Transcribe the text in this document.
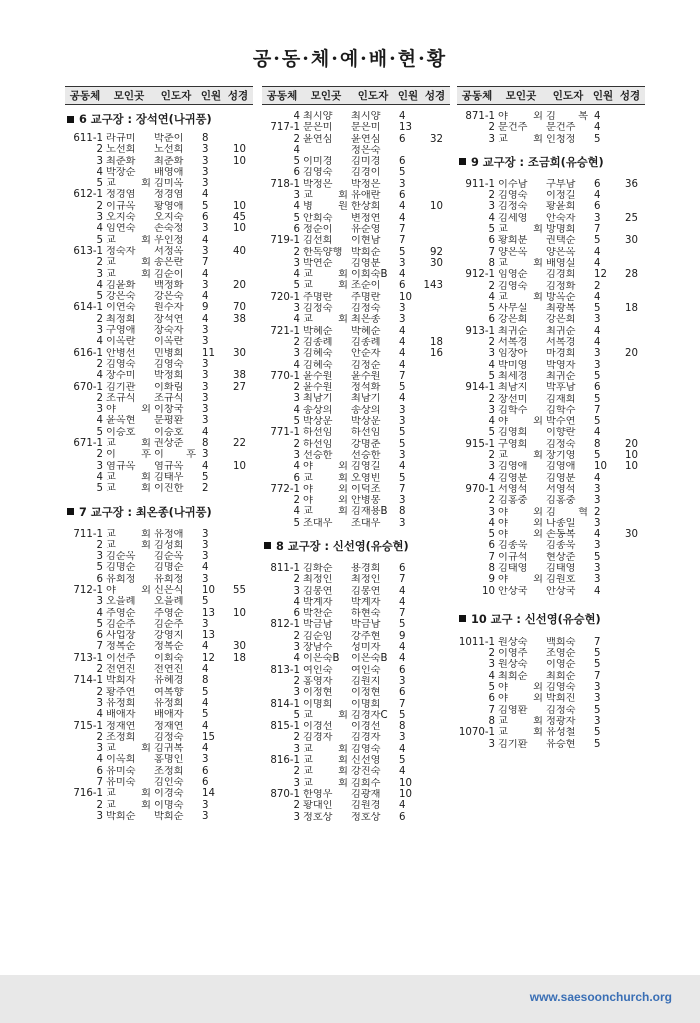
공·동·체·예·배·현·황
공동체	모인곳	인도자 인원 성경
6 교구장 : 장석연(나귀풍)
611-1 라규미	박춘이	8
2 노선희	노선희	3	10
3 최춘화	최춘화	3	10
4 박장순	배영애	3
5 교　회 김미옥	3
612-1 정경염	정경염	4
2 이규옥	황영애	5	10
3 오지숙	오지숙	6	45
4 임연숙	손숙정	3	10
5 교　회 우인정	4
613-1 정숙자	서정옥	3	40
2 교　회 송은란	7
3 교　회 김순이	4
4 김윤화	백정화	3	20
5 강은숙	강은숙	4
614-1 이연숙	원수자	9	70
2 최정희	장석연	4	38
3 구영애	장숙자	3
4 이옥란	이옥란	3
616-1 안병선	민병희	11	30
2 김영숙	김영숙	3
4 장수미	박정희	3	38
670-1 김기관	이화림	3	27
2 조규식	조규식	3
3 야　외 이창국	3
4 윤옥현	문평환	3
5 이승호	이승호	4
671-1 교　회 권상준	8	22
2 이　후 이　후 3
3 염규옥	염규옥	4	10
4 교　회 김태우	5
5 교　회 이진한	2
7 교구장 : 최온종(나귀풍)
711-1 교　회 유정애	3
2 교　회 김성희	3
3 김순옥	김순옥	3
5 김명순	김명순	4
6 유희정	유희정	3
712-1 야　외 신은식	10	55
3 오을례	오을례	5
4 주영순	주영순	13	10
5 김순주	김순주	3
6 사업장	강영지	13
7 정복순	정복순	4	30
713-1 이선주	이회숙	12	18
2 전연진	전연진	4
714-1 박희자	유혜경	8
2 황주연	여복향	5
3 유정희	유정희	4
4 배애자	배애자	5
715-1 정재연	정재연	4
2 조정희	김정숙	15
3 교　회 김귀복	4
4 이옥희	홍명인	3
6 유미숙	조정희	6
7 유미숙	김인숙	6
716-1 교　회 이경숙	14
2 교　회 이명숙	3
3 박희순	박희순	3
공동체	모인곳	인도자 인원 성경
4 최시양	최시양	4
717-1 문은미	문은미	13
2 윤연심	윤연심	6	32
4	정은숙
5 이미경	김미경	6
6 김영숙	김경이	5
718-1 박정은	박정은	3
3 교　회 유애란	6
4 병　원 한상희	4	10
5 안희숙	변정연	4
6 정순이	유순영	7
719-1 김선희	이현남	7
2 한독양행 박희순	5	92
3 박연순	김영분	3	30
4 교　회 이희숙B	4
5 교　회 조순이	6	143
720-1 주명란	주명란	10
3 김정숙	김정숙	3
4 교　회 최은종	3
721-1 박혜순	박혜순	4
2 김종례	김종례	4	18
3 김혜숙	안순자	4	16
4 김혜숙	김정순	4
770-1 윤수원	윤수원	7
2 윤수원	정석화	5
3 최남기	최남기	4
4 송상의	송상의	3
5 박상운	박상운	3
771-1 하선임	하선임	5
2 하선임	강명춘	5
3 선승한	선승한	3
4 야　외 김영길	4
6 교　회 오영빈	5
772-1 야　외 이덕조	7
2 야　외 안병봉	3
4 교　회 김재용B	8
5 조대우	조대우	3
8 교구장 : 신선영(유승현)
811-1 김화순	용경희	6
2 최정인	최정인	7
3 김봉연	김봉연	4
4 박계자	박계자	4
6 박찬순	하현숙	7
812-1 박금남	박금남	5
2 김순임	강주현	9
3 장남수	성미자	4
4 이은숙B	이은숙B	4
813-1 여인숙	여인숙	6
2 홍영자	김원지	3
3 이정현	이정현	6
814-1 이명희	이명희	7
5 교　회 김경자C	5
815-1 이경선	이경선	8
2 김경자	김경자	3
3 교　회 김영숙	4
816-1 교　회 신선영	5
2 교　회 강진숙	4
3 교　회 김희수	10
870-1 한영우	김광재	10
2 황대인	김원경	4
3 정호상	정호상	6
공동체	모인곳	인도자 인원 성경
871-1 야　외 김　복 4
2 문건주	문건주	4
3 교　회 인청정	5
9 교구장 : 조금희(유승현)
911-1 이수남	구부남	6	36
2 김영숙	이정길	4
3 김정숙	황윤희	6
4 김세영	안숙자	3	25
5 교　회 방명희	7
6 황희분	권택순	5	30
7 양은옥	양은옥	4
8 교　회 배영실	4
912-1 임영순	김경희	12	28
2 김영숙	김정화	2
4 교　회 방옥순	4
5 사무실	최광복	5	18
6 강은희	강은희	3
913-1 최귀순	최귀순	4
2 서복경	서복경	4
3 임장아	마경희	3	20
4 박미영	박영자	3
5 최세경	최귀순	5
914-1 최남지	박후남	6
2 장선미	김재희	5
3 김학수	김학수	7
4 야　외 박수연	5
5 김영희	이향란	4
915-1 구영희	김정숙	8	20
2 교　회 장기영	5	10
3 김영애	김영애	10	10
4 김영분	김영분	4
970-1 서영석	서영석	3
2 김홍중	김홍중	3
3 야　외 김　혁 2
4 야　외 나종일	3
5 야　외 손동복	4	30
6 김종욱	김종욱	3
7 이규석	현상준	5
8 김태영	김태영	3
9 야　외 김원호	3
10 안상국	안상국	4
10 교구 : 신선영(유승현)
1011-1 원상숙	백희숙	7
2 이영주	조영순	5
3 원상숙	이영순	5
4 최희순	최희순	7
5 야　외 김영숙	3
6 야　외 박희진	3
7 김영환	김정숙	5
8 교　회 정광자	3
1070-1 교　회 유성철	5
3 김기환	유승현	5
www.saesoonchurch.org
